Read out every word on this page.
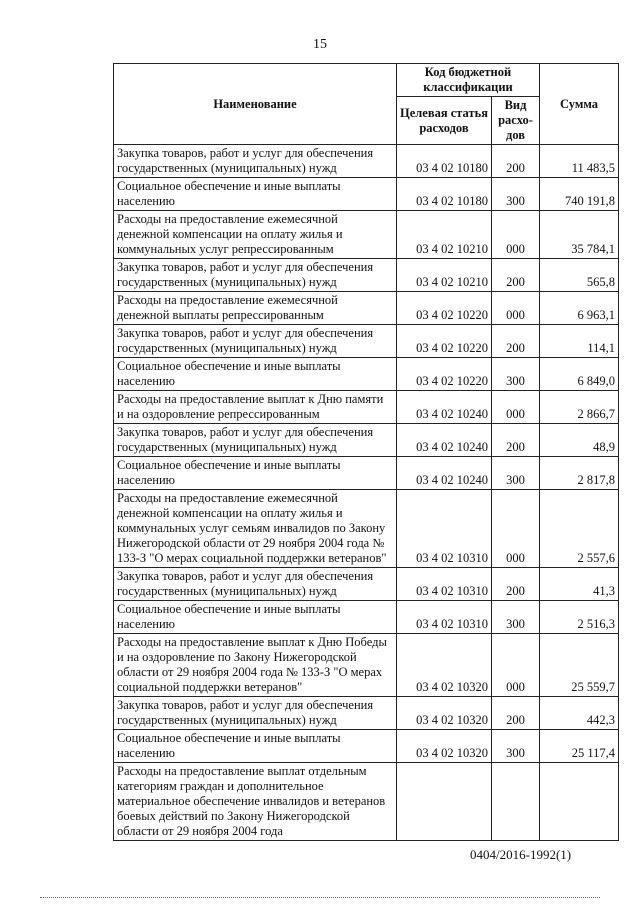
15
Наименование	Код бюджетной классификации		Сумма
	Целевая статья расходов	Вид расхо-дов	
Закупка товаров, работ и услуг для обеспечения государственных (муниципальных) нужд	03 4 02 10180	200	11 483,5
Социальное обеспечение и иные выплаты населению	03 4 02 10180	300	740 191,8
Расходы на предоставление ежемесячной денежной компенсации на оплату жилья и коммунальных услуг репрессированным	03 4 02 10210	000	35 784,1
Закупка товаров, работ и услуг для обеспечения государственных (муниципальных) нужд	03 4 02 10210	200	565,8
Расходы на предоставление ежемесячной денежной выплаты репрессированным	03 4 02 10220	000	6 963,1
Закупка товаров, работ и услуг для обеспечения государственных (муниципальных) нужд	03 4 02 10220	200	114,1
Социальное обеспечение и иные выплаты населению	03 4 02 10220	300	6 849,0
Расходы на предоставление выплат к Дню памяти и на оздоровление репрессированным	03 4 02 10240	000	2 866,7
Закупка товаров, работ и услуг для обеспечения государственных (муниципальных) нужд	03 4 02 10240	200	48,9
Социальное обеспечение и иные выплаты населению	03 4 02 10240	300	2 817,8
Расходы на предоставление ежемесячной денежной компенсации на оплату жилья и коммунальных услуг семьям инвалидов по Закону Нижегородской области от 29 ноября 2004 года № 133-З "О мерах социальной поддержки ветеранов"	03 4 02 10310	000	2 557,6
Закупка товаров, работ и услуг для обеспечения государственных (муниципальных) нужд	03 4 02 10310	200	41,3
Социальное обеспечение и иные выплаты населению	03 4 02 10310	300	2 516,3
Расходы на предоставление выплат к Дню Победы и на оздоровление по Закону Нижегородской области от 29 ноября 2004 года № 133-З "О мерах социальной поддержки ветеранов"	03 4 02 10320	000	25 559,7
Закупка товаров, работ и услуг для обеспечения государственных (муниципальных) нужд	03 4 02 10320	200	442,3
Социальное обеспечение и иные выплаты населению	03 4 02 10320	300	25 117,4
Расходы на предоставление выплат отдельным категориям граждан и дополнительное материальное обеспечение инвалидов и ветеранов боевых действий по Закону Нижегородской области от 29 ноября 2004 года			
0404/2016-1992(1)
